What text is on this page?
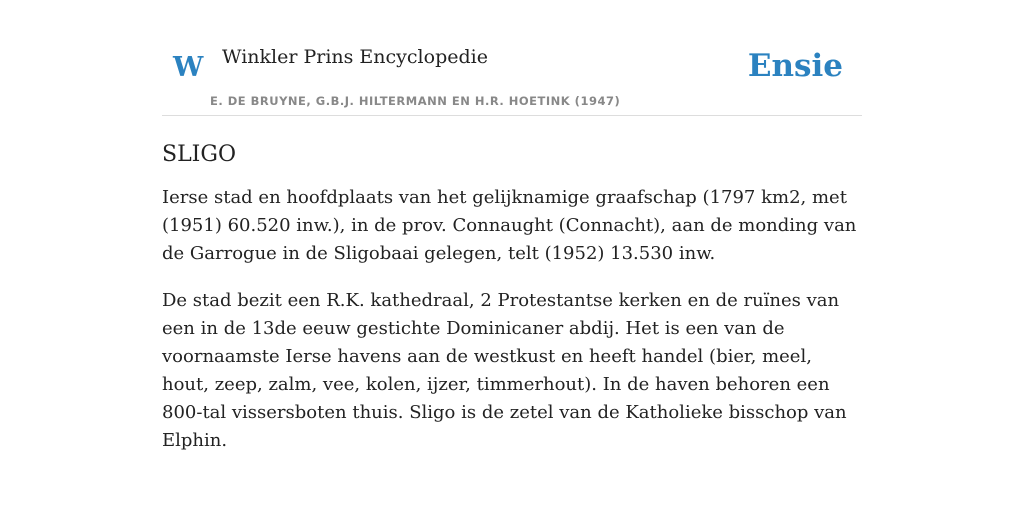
W Winkler Prins Encyclopedie
E. DE BRUYNE, G.B.J. HILTERMANN EN H.R. HOETINK (1947)
Ensie
SLIGO

Ierse stad en hoofdplaats van het gelijknamige graafschap (1797 km2, met (1951) 60.520 inw.), in de prov. Connaught (Connacht), aan de monding van de Garrogue in de Sligobaai gelegen, telt (1952) 13.530 inw.

De stad bezit een R.K. kathedraal, 2 Protestantse kerken en de ruïnes van een in de 13de eeuw gestichte Dominicaner abdij. Het is een van de voornaamste Ierse havens aan de westkust en heeft handel (bier, meel, hout, zeep, zalm, vee, kolen, ijzer, timmerhout). In de haven behoren een 800-tal vissersboten thuis. Sligo is de zetel van de Katholieke bisschop van Elphin.
